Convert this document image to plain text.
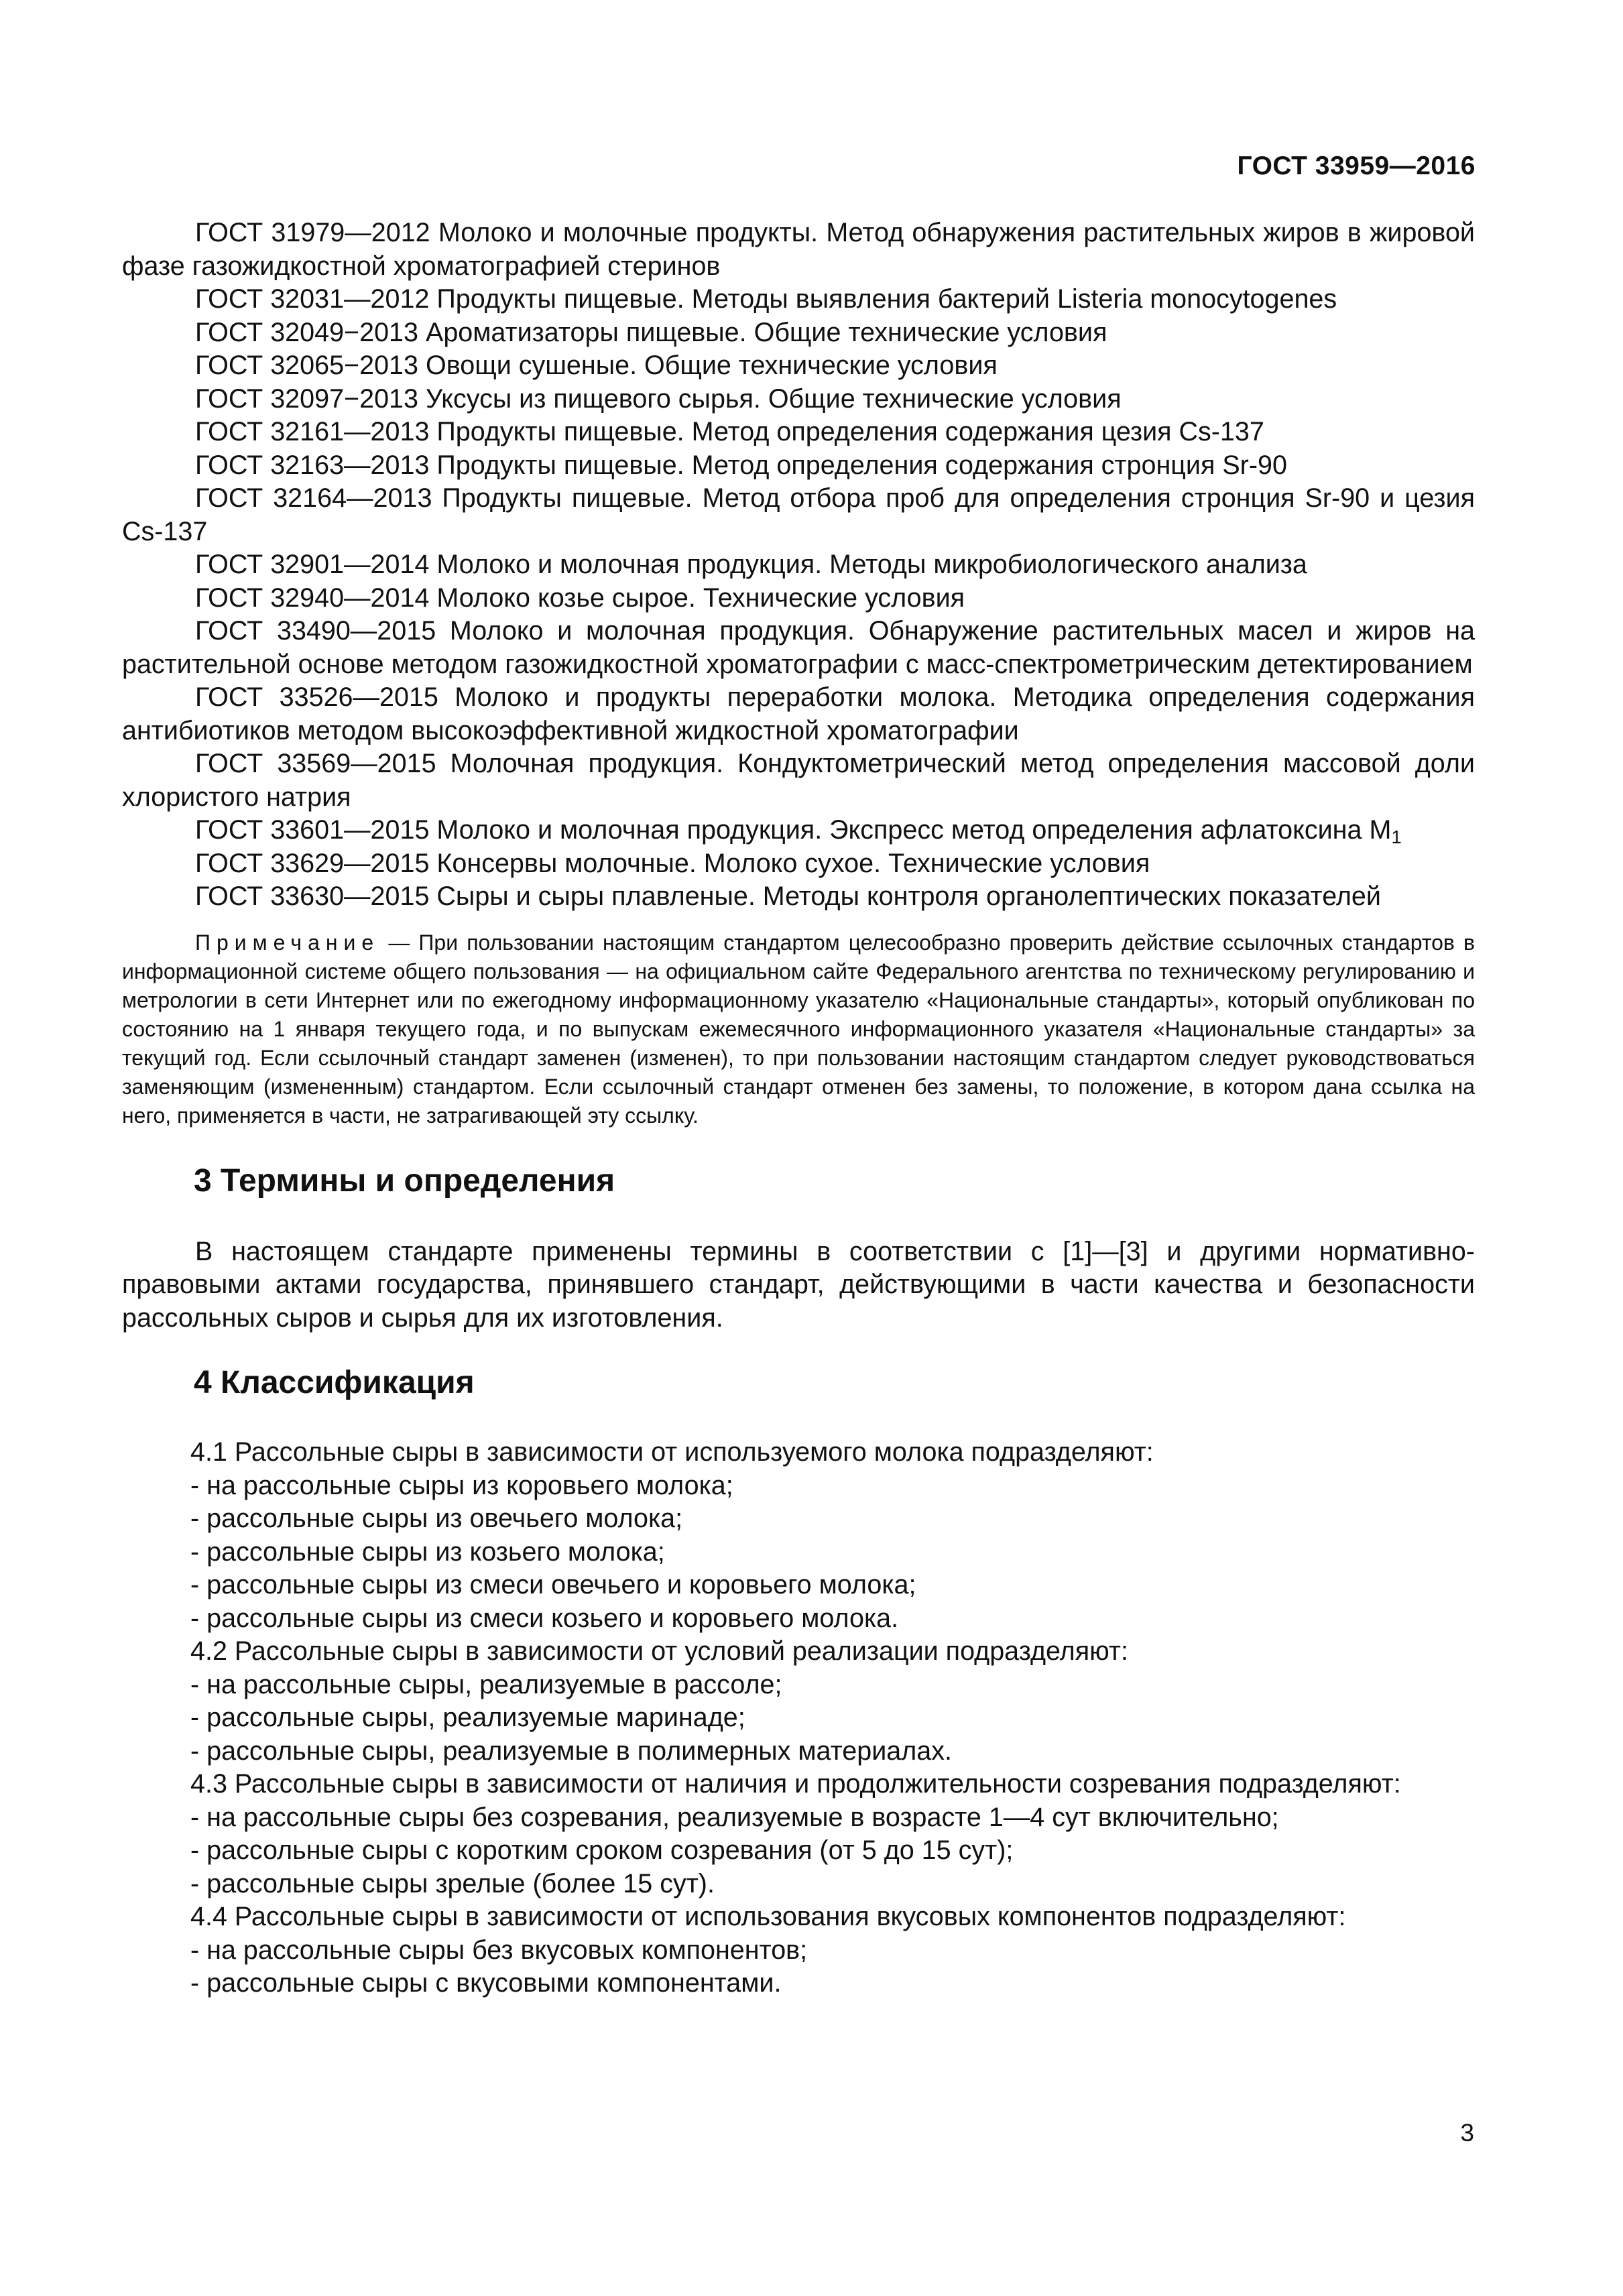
ГОСТ 33959—2016

ГОСТ 31979—2012 Молоко и молочные продукты. Метод обнаружения растительных жиров в жировой фазе газожидкостной хроматографией стеринов

ГОСТ 32031—2012 Продукты пищевые. Методы выявления бактерий Listeria monocytogenes

ГОСТ 32049−2013 Ароматизаторы пищевые. Общие технические условия

ГОСТ 32065−2013 Овощи сушеные. Общие технические условия

ГОСТ 32097−2013 Уксусы из пищевого сырья. Общие технические условия

ГОСТ 32161—2013 Продукты пищевые. Метод определения содержания цезия Cs-137

ГОСТ 32163—2013 Продукты пищевые. Метод определения содержания стронция Sr-90

ГОСТ 32164—2013 Продукты пищевые. Метод отбора проб для определения стронция Sr-90 и цезия Cs-137

ГОСТ 32901—2014 Молоко и молочная продукция. Методы микробиологического анализа

ГОСТ 32940—2014 Молоко козье сырое. Технические условия

ГОСТ 33490—2015 Молоко и молочная продукция. Обнаружение растительных масел и жиров на растительной основе методом газожидкостной хроматографии с масс-спектрометрическим детектированием

ГОСТ 33526—2015 Молоко и продукты переработки молока. Методика определения содержания антибиотиков методом высокоэффективной жидкостной хроматографии

ГОСТ 33569—2015 Молочная продукция. Кондуктометрический метод определения массовой доли хлористого натрия

ГОСТ 33601—2015 Молоко и молочная продукция. Экспресс метод определения афлатоксина $M_1$

ГОСТ 33629—2015 Консервы молочные. Молоко сухое. Технические условия

ГОСТ 33630—2015 Сыры и сыры плавленые. Методы контроля органолептических показателей

Примечание — При пользовании настоящим стандартом целесообразно проверить действие ссылочных стандартов в информационной системе общего пользования — на официальном сайте Федерального агентства по техническому регулированию и метрологии в сети Интернет или по ежегодному информационному указателю «Национальные стандарты», который опубликован по состоянию на 1 января текущего года, и по выпускам ежемесячного информационного указателя «Национальные стандарты» за текущий год. Если ссылочный стандарт заменен (изменен), то при пользовании настоящим стандартом следует руководствоваться заменяющим (измененным) стандартом. Если ссылочный стандарт отменен без замены, то положение, в котором дана ссылка на него, применяется в части, не затрагивающей эту ссылку.
3 Термины и определения
В настоящем стандарте применены термины в соответствии с [1]—[3] и другими нормативно-правовыми актами государства, принявшего стандарт, действующими в части качества и безопасности рассольных сыров и сырья для их изготовления.
4 Классификация

4.1 Рассольные сыры в зависимости от используемого молока подразделяют:

- на рассольные сыры из коровьего молока;

- рассольные сыры из овечьего молока;

- рассольные сыры из козьего молока;

- рассольные сыры из смеси овечьего и коровьего молока;

- рассольные сыры из смеси козьего и коровьего молока.

4.2 Рассольные сыры в зависимости от условий реализации подразделяют:

- на рассольные сыры, реализуемые в рассоле;

- рассольные сыры, реализуемые маринаде;

- рассольные сыры, реализуемые в полимерных материалах.

4.3 Рассольные сыры в зависимости от наличия и продолжительности созревания подразделяют:

- на рассольные сыры без созревания, реализуемые в возрасте 1—4 сут включительно;

- рассольные сыры с коротким сроком созревания (от 5 до 15 сут);

- рассольные сыры зрелые (более 15 сут).

4.4 Рассольные сыры в зависимости от использования вкусовых компонентов подразделяют:

- на рассольные сыры без вкусовых компонентов;

- рассольные сыры с вкусовыми компонентами.

3
